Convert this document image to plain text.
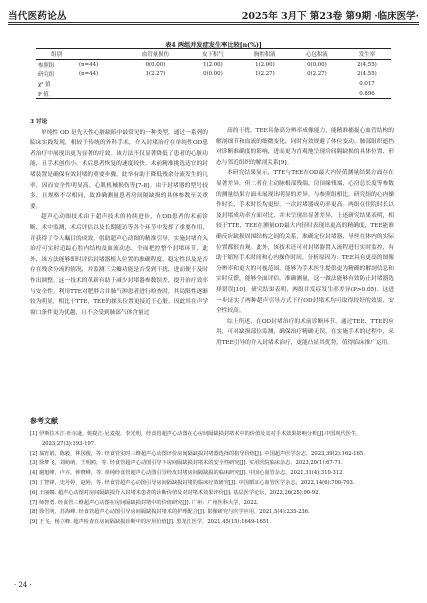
当代医药论丛	2025年 3月下 第23卷 第9期 ·临床医学·
表4 两组并发症发生率比较[n(%)]
组别		血管量损伤	皮下积气	胸腔积液	心包积液	发生率
参照组	(n=44)	0(0.00)	1(2.00)	1(2.00)	0(0.00)	2(4.55)
研究组	(n=44)	1(2.27)	0(0.00)	1(2.27)	0(2.27)	2(4.55)
χ² 值						0.017
P 值						0.896

3 讨论

单纯性 OD 是先天性心脏缺陷中最常见的一种类型，通过一系列的临床实践发现，相较于传统的外科手术，介入封堵治疗在单纯性OD患者治疗中展现出更为显著的疗效。该方法不仅显著降低了患者的心脏功能，且手术创伤小，术后患者恢复的速度较快。术前精准挑选适宜的封堵装置是确保有效封堵的重要步骤，此举有助于降低残余分流发生的几率，因而安全性明显高。心肌机械损伤等[7-8]。由于封堵器的型号较多，且规格不尽相同，故准确测量患者房间隔缺损的具体参数至关重要。

超声心动图技术由于超声技术的持续进步，在OD患者的术前诊断、术中监测、术后评估以及长期随访等各个环节中发挥了重要作用，并获得了令人瞩目的成效。借助超声心动图的精准引导，实施封堵介入治疗可实时追踪心腔内结构及血流动态，全面把控整个封堵环节，此外，该方法能够即时评估封堵器植入位置的准确程度、稳定性以及是否存在残余分流的情况，并监测三尖瓣功能是否受到干扰，进而便于及时作出调整。这一技术的革新有助于减少封堵器参数误差，提升治疗效率与安全性。利用TTE对肥胖合并肺气肿患者进行检查时，其局限性逐渐较为明显，相比于TTE，TEE的探头位置更接近于心脏，因此其在声学窗口条件更为优越，且不会受到肺部气体含量过

高的干扰。TEE具备高分辨率成像能力，能精准捕捉心血管结构的解剖细节和血流的细微变化，同时有效规避了体位变动、肺部组织遮挡对诊断准确度的影响，进而更为直观地呈现房间隔缺损的具体位置、形态与邻近组织的解剖关系[9]。

本研究结果显示，TTE与TEE在OD最大内径值测量结果方面存在显著差异，但二者在主动脉根部残端、房顶缘残端、心房总长度等参数的测量结果方面未展现出明显的差异。与参照组相比，研究组的心内操作时长、手术时长均更短，一次封堵器成功率更高。两组在住院时长以及封堵成功率方面对比，并未呈现出显著差异，上述研究结果表明，相较于TTE，TEE在测量OD最大内径时表现出更高的精确度，TEE能准确反应缺损周围结构之间的关系，准确定位封堵器，导丝在体内的实际位置都很直观。此外，该技术还可对封堵器置入流程进行实时监控，有助于缩短手术时间和心内操作时间。分析原因为：TEE具有更高的图像分辨率和更大的可视范围，能够为手术医生提供更为精确的解剖信息和实时反馈，能够全面评估，准确测量，这一做法能够有效防止封堵器选择错误[10]。研究结果表明，两组并发症发生率差异(P>0.05)。这进一步证实了两种超声引导方式下行OD封堵术均可取得较好的效果、安全性较高。

综上所述，在OD封堵治疗的术前诊断环节，通过TEE、TTE的应用，可对缺损部位监测，确保治疗精确无误，在实施手术的过程中，采用TEE引导的介入封堵术治疗，更能凸显其优势，值得临床推广运用。

参考文献
[1] 伊斯拉木江·吐尔逊，帕提江·尼麦提，李光明，经食管超声心动图在心房间隔缺损封堵术中的价值及其对手术效果影响分析[J].中国现代医生，2023,27(3):193-197.
[2] 翁宵娟，陈毅，林国俊，等. 经食管实时三维超声心动图评价房间隔缺损封堵器选择的指导价值[J]. 中国超声医学杂志，2023,39(2):162-165.
[3] 徐梦飞，刘萌萌，王明鸥，等. 经食管超声心动图引导下房间隔缺损封堵术的安全性研究[J]. 实用医院临床杂志，2023,20(1):67-71.
[4] 谢旭峰，卢卉，钟晓峰，等. 单纯经食管超声心动图引导经皮封堵房间隔缺损的临床研究[J]. 中国心血管杂志，2021,31(4):310-312.
[5] 丁智锋，史丹婷，赵婷，等. 经食管超声心动图引导房间隔缺损封堵的临床疗效研究[J]. 中国循证心血管医学杂志，2022,14(6):700-703.
[6] 王丽娜. 超声心动图对房间隔缺损介入封堵术患者的诊断价值及对封堵术效果评价[J]. 基层医学论坛，2022,26(25):90-92.
[7] 师智勇. 经食管三维超声心动图在房间隔缺损封堵中的价值研究[J]. 广州：广州医科大学，2022.
[8] 徐雪明，苏海峰. 经食管超声心动图引导房间隔缺损封堵术的护理配合[J]. 影像研究与医学应用，2021,5(4):235-236.
[9] 王飞，杨立峰. 超声检查在房间隔缺损诊断中的应用价值[J]. 黑龙江医学，2021,45(15):1649-1651.
· 24 ·
